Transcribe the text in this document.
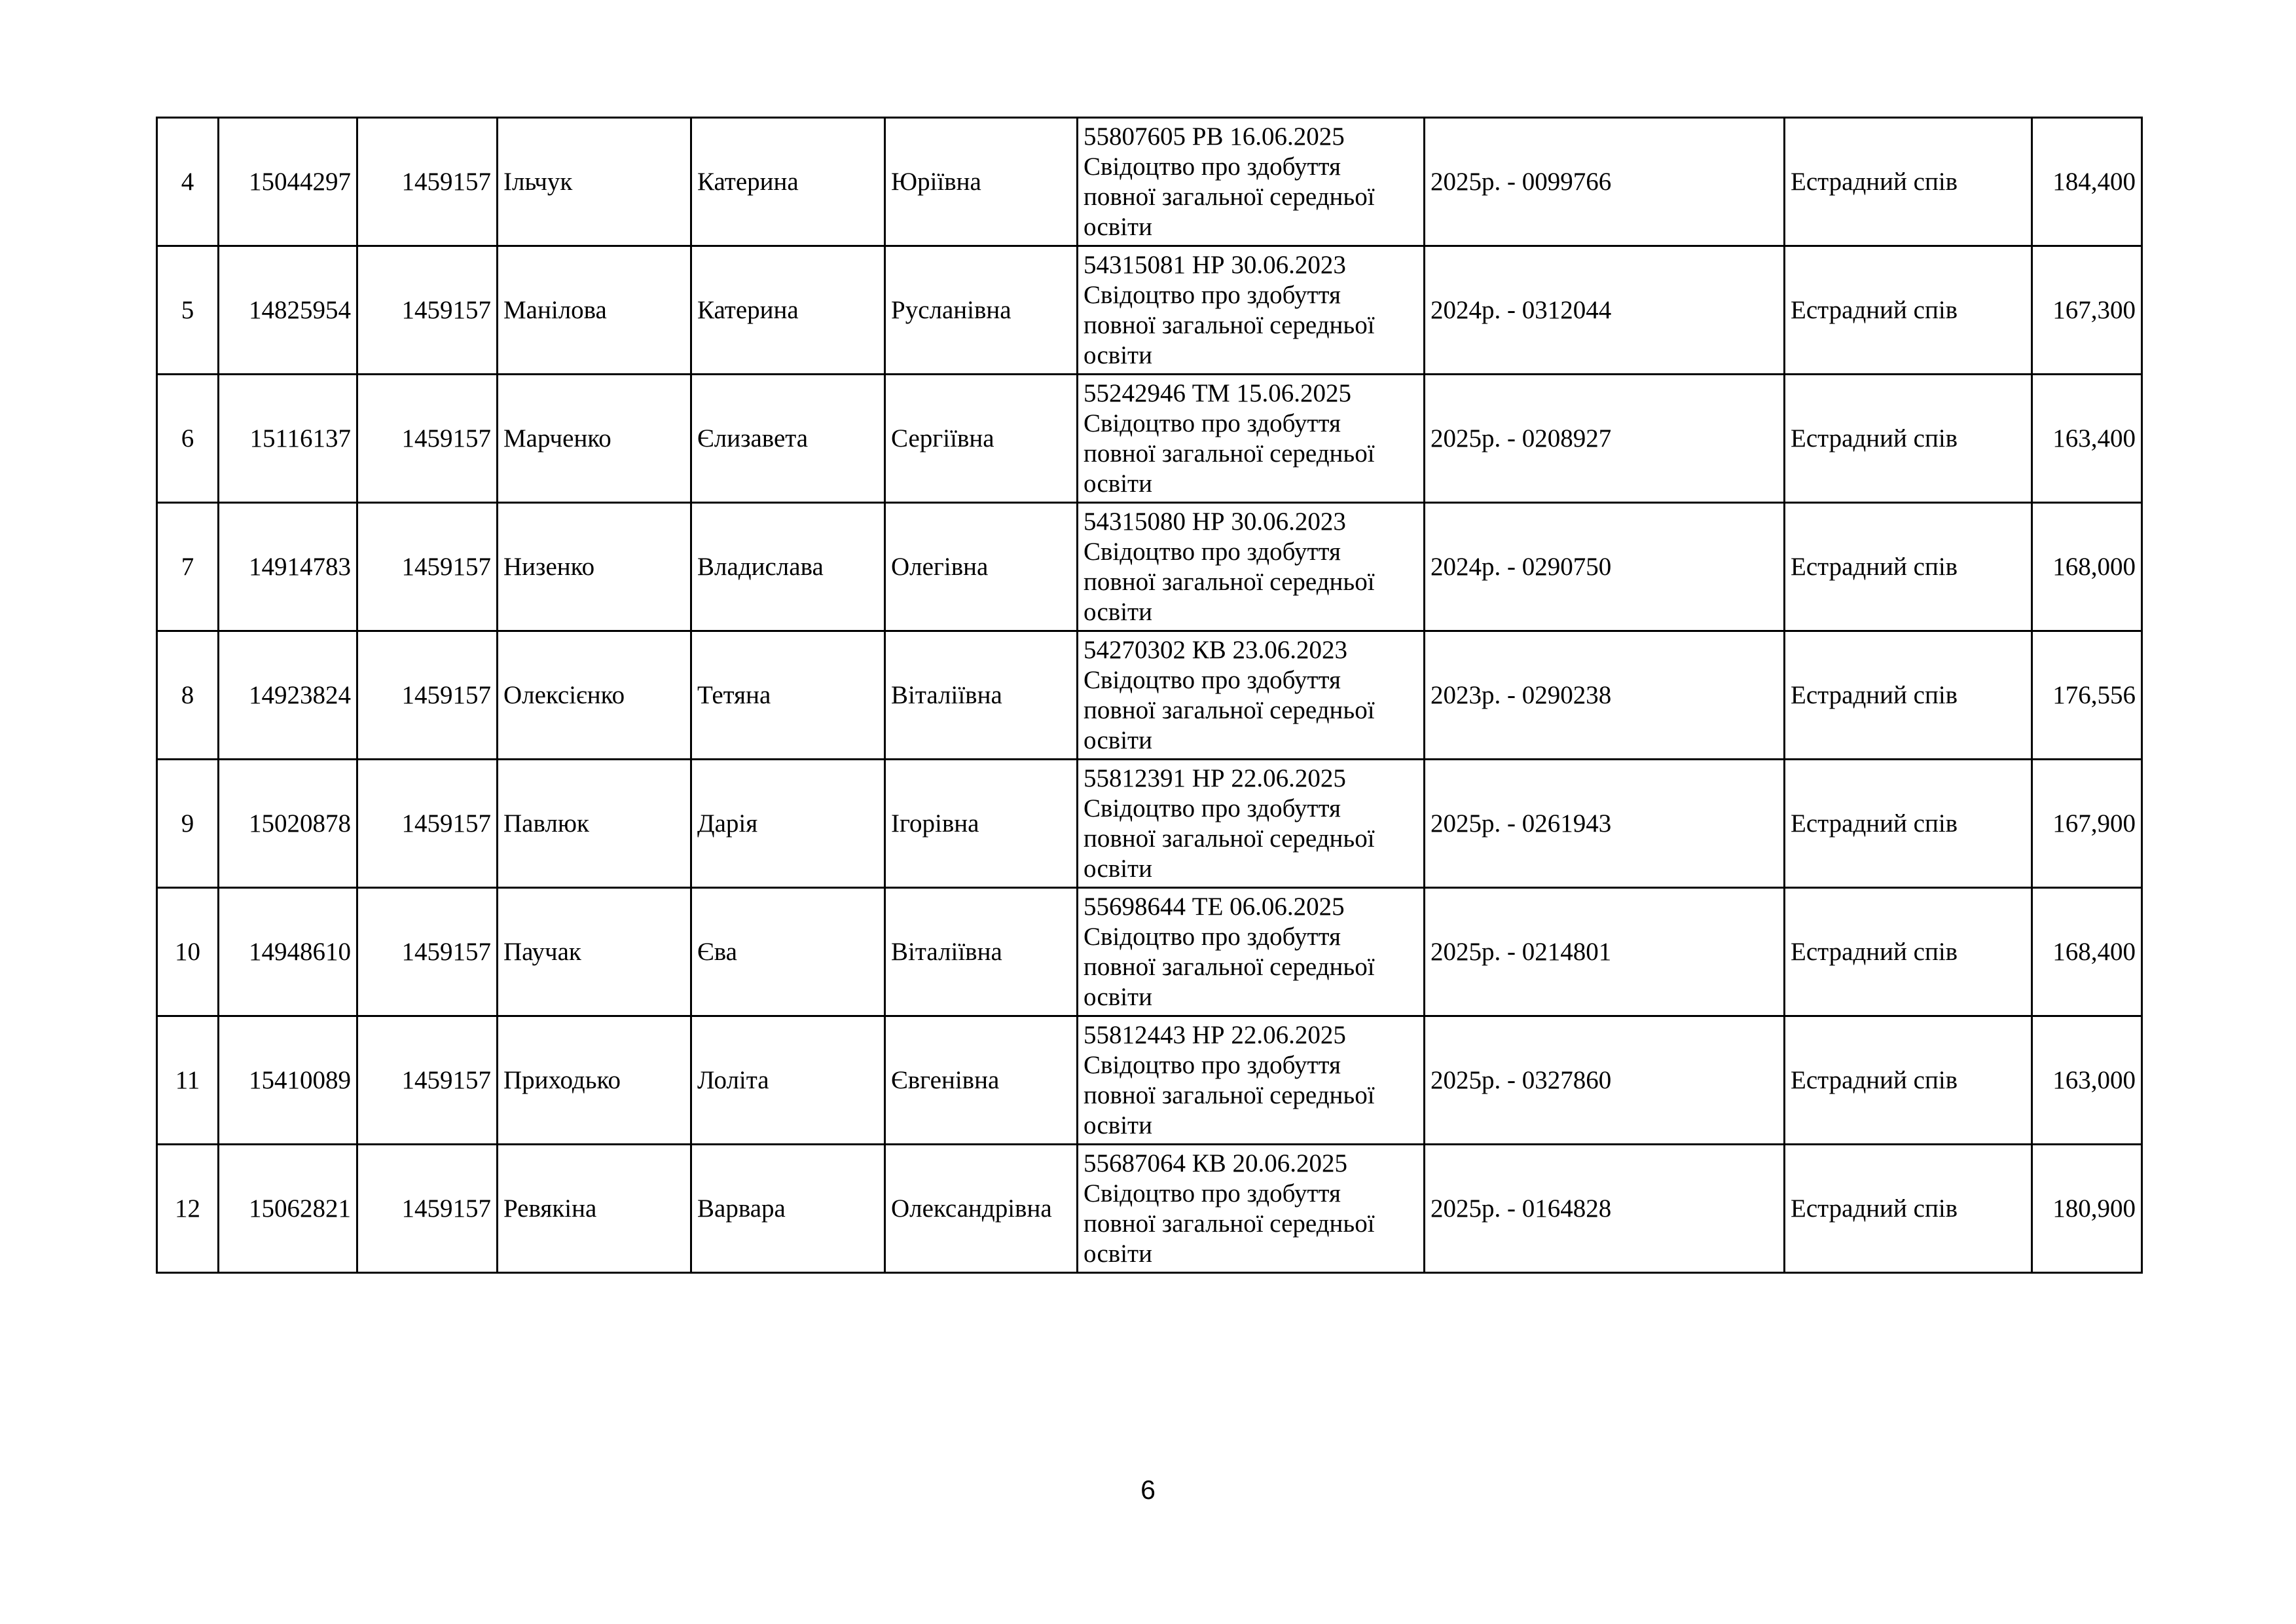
4	15044297	1459157	Ільчук	Катерина	Юріївна	55807605 РВ 16.06.2025
Свідоцтво про здобуття
повної загальної середньої
освіти	2025р. - 0099766	Естрадний спів	184,400
5	14825954	1459157	Манілова	Катерина	Русланівна	54315081 НР 30.06.2023
Свідоцтво про здобуття
повної загальної середньої
освіти	2024р. - 0312044	Естрадний спів	167,300
6	15116137	1459157	Марченко	Єлизавета	Сергіївна	55242946 ТМ 15.06.2025
Свідоцтво про здобуття
повної загальної середньої
освіти	2025р. - 0208927	Естрадний спів	163,400
7	14914783	1459157	Низенко	Владислава	Олегівна	54315080 НР 30.06.2023
Свідоцтво про здобуття
повної загальної середньої
освіти	2024р. - 0290750	Естрадний спів	168,000
8	14923824	1459157	Олексієнко	Тетяна	Віталіївна	54270302 КВ 23.06.2023
Свідоцтво про здобуття
повної загальної середньої
освіти	2023р. - 0290238	Естрадний спів	176,556
9	15020878	1459157	Павлюк	Дарія	Ігорівна	55812391 НР 22.06.2025
Свідоцтво про здобуття
повної загальної середньої
освіти	2025р. - 0261943	Естрадний спів	167,900
10	14948610	1459157	Паучак	Єва	Віталіївна	55698644 ТЕ 06.06.2025
Свідоцтво про здобуття
повної загальної середньої
освіти	2025р. - 0214801	Естрадний спів	168,400
11	15410089	1459157	Приходько	Лоліта	Євгенівна	55812443 НР 22.06.2025
Свідоцтво про здобуття
повної загальної середньої
освіти	2025р. - 0327860	Естрадний спів	163,000
12	15062821	1459157	Ревякіна	Варвара	Олександрівна	55687064 КВ 20.06.2025
Свідоцтво про здобуття
повної загальної середньої
освіти	2025р. - 0164828	Естрадний спів	180,900
6
